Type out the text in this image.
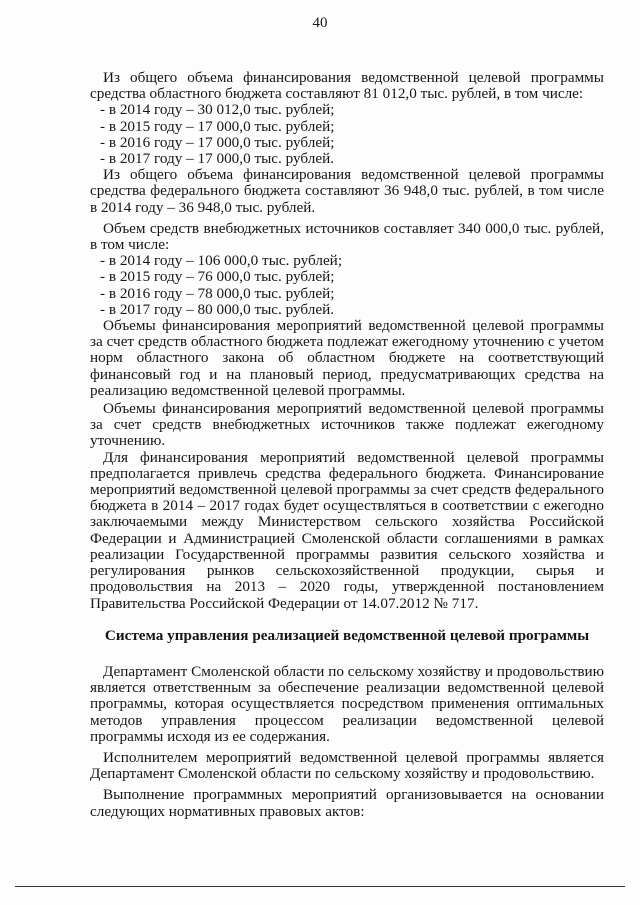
40

Из общего объема финансирования ведомственной целевой программы средства областного бюджета составляют 81 012,0 тыс. рублей, в том числе:

- в 2014 году – 30 012,0 тыс. рублей;

- в 2015 году – 17 000,0 тыс. рублей;

- в 2016 году – 17 000,0 тыс. рублей;

- в 2017 году – 17 000,0 тыс. рублей.

Из общего объема финансирования ведомственной целевой программы средства федерального бюджета составляют 36 948,0 тыс. рублей, в том числе в 2014 году – 36 948,0 тыс. рублей.

Объем средств внебюджетных источников составляет 340 000,0 тыс. рублей, в том числе:

- в 2014 году – 106 000,0 тыс. рублей;

- в 2015 году – 76 000,0 тыс. рублей;

- в 2016 году – 78 000,0 тыс. рублей;

- в 2017 году – 80 000,0 тыс. рублей.

Объемы финансирования мероприятий ведомственной целевой программы за счет средств областного бюджета подлежат ежегодному уточнению с учетом норм областного закона об областном бюджете на соответствующий финансовый год и на плановый период, предусматривающих средства на реализацию ведомственной целевой программы.

Объемы финансирования мероприятий ведомственной целевой программы за счет средств внебюджетных источников также подлежат ежегодному уточнению.

Для финансирования мероприятий ведомственной целевой программы предполагается привлечь средства федерального бюджета. Финансирование мероприятий ведомственной целевой программы за счет средств федерального бюджета в 2014 – 2017 годах будет осуществляться в соответствии с ежегодно заключаемыми между Министерством сельского хозяйства Российской Федерации и Администрацией Смоленской области соглашениями в рамках реализации Государственной программы развития сельского хозяйства и регулирования рынков сельскохозяйственной продукции, сырья и продовольствия на 2013 – 2020 годы, утвержденной постановлением Правительства Российской Федерации от 14.07.2012 № 717.

Система управления реализацией ведомственной целевой программы

Департамент Смоленской области по сельскому хозяйству и продовольствию является ответственным за обеспечение реализации ведомственной целевой программы, которая осуществляется посредством применения оптимальных методов управления процессом реализации ведомственной целевой программы исходя из ее содержания.

Исполнителем мероприятий ведомственной целевой программы является Департамент Смоленской области по сельскому хозяйству и продовольствию.

Выполнение программных мероприятий организовывается на основании следующих нормативных правовых актов:
